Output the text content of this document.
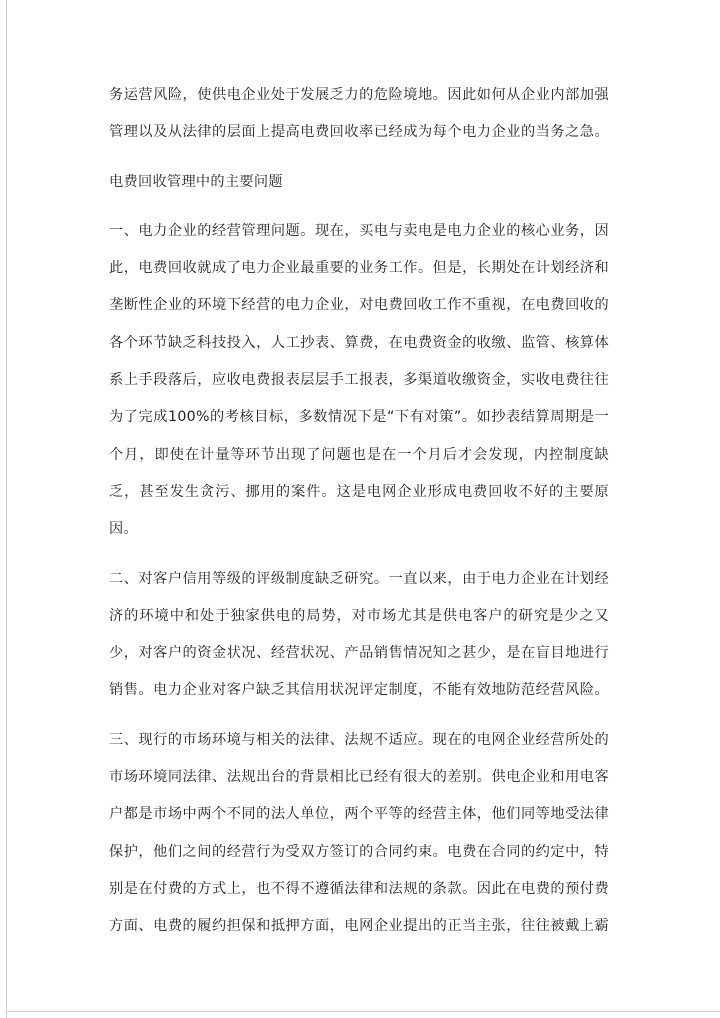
务运营风险，使供电企业处于发展乏力的危险境地。因此如何从企业内部加强
管理以及从法律的层面上提高电费回收率已经成为每个电力企业的当务之急。
电费回收管理中的主要问题
一、电力企业的经营管理问题。现在，买电与卖电是电力企业的核心业务，因
此，电费回收就成了电力企业最重要的业务工作。但是，长期处在计划经济和
垄断性企业的环境下经营的电力企业，对电费回收工作不重视，在电费回收的
各个环节缺乏科技投入，人工抄表、算费，在电费资金的收缴、监管、核算体
系上手段落后，应收电费报表层层手工报表，多渠道收缴资金，实收电费往往
为了完成100%的考核目标，多数情况下是“下有对策”。如抄表结算周期是一
个月，即使在计量等环节出现了问题也是在一个月后才会发现，内控制度缺
乏，甚至发生贪污、挪用的案件。这是电网企业形成电费回收不好的主要原
因。
二、对客户信用等级的评级制度缺乏研究。一直以来，由于电力企业在计划经
济的环境中和处于独家供电的局势，对市场尤其是供电客户的研究是少之又
少，对客户的资金状况、经营状况、产品销售情况知之甚少，是在盲目地进行
销售。电力企业对客户缺乏其信用状况评定制度，不能有效地防范经营风险。
三、现行的市场环境与相关的法律、法规不适应。现在的电网企业经营所处的
市场环境同法律、法规出台的背景相比已经有很大的差别。供电企业和用电客
户都是市场中两个不同的法人单位，两个平等的经营主体，他们同等地受法律
保护，他们之间的经营行为受双方签订的合同约束。电费在合同的约定中，特
别是在付费的方式上，也不得不遵循法律和法规的条款。因此在电费的预付费
方面、电费的履约担保和抵押方面，电网企业提出的正当主张，往往被戴上霸
